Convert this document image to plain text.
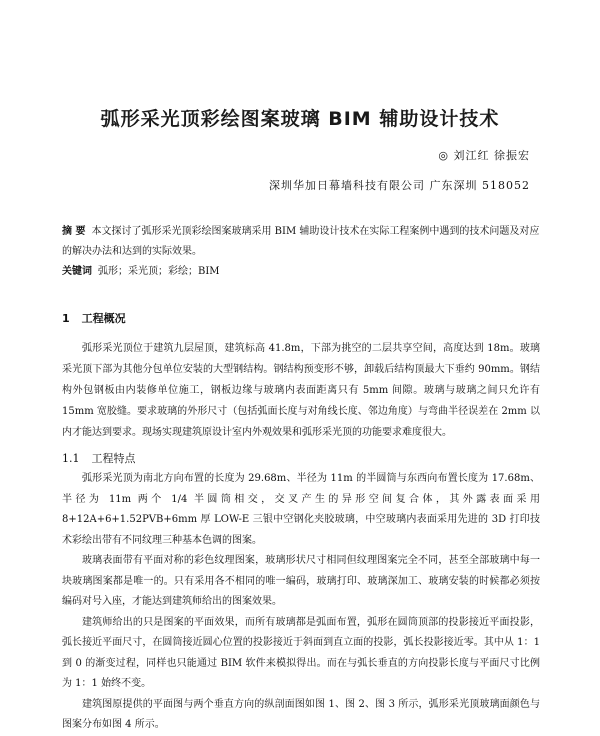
弧形采光顶彩绘图案玻璃 BIM 辅助设计技术
◎ 刘江红 徐振宏
深圳华加日幕墙科技有限公司 广东深圳 518052

摘 要 本文探讨了弧形采光顶彩绘图案玻璃采用 BIM 辅助设计技术在实际工程案例中遇到的技术问题及对应的解决办法和达到的实际效果。

关键词 弧形；采光顶；彩绘；BIM

1 工程概况

弧形采光顶位于建筑九层屋顶，建筑标高 41.8m，下部为挑空的二层共享空间，高度达到 18m。玻璃采光顶下部为其他分包单位安装的大型钢结构。钢结构预变形不够，卸载后结构顶最大下垂约 90mm。钢结构外包钢板由内装修单位施工，钢板边缘与玻璃内表面距离只有 5mm 间隙。玻璃与玻璃之间只允许有 15mm 宽胶缝。要求玻璃的外形尺寸（包括弧面长度与对角线长度、邻边角度）与弯曲半径误差在 2mm 以内才能达到要求。现场实现建筑原设计室内外观效果和弧形采光顶的功能要求难度很大。

1.1 工程特点

弧形采光顶为南北方向布置的长度为 29.68m、半径为 11m 的半圆筒与东西向布置长度为 17.68m、半径为 11m 两个 1/4 半圆筒相交，交叉产生的异形空间复合体，其外露表面采用 8+12A+6+1.52PVB+6mm 厚 LOW-E 三银中空钢化夹胶玻璃，中空玻璃内表面采用先进的 3D 打印技术彩绘出带有不同纹理三种基本色调的图案。

玻璃表面带有平面对称的彩色纹理图案，玻璃形状尺寸相同但纹理图案完全不同，甚至全部玻璃中每一块玻璃图案都是唯一的。只有采用各不相同的唯一编码，玻璃打印、玻璃深加工、玻璃安装的时候都必须按编码对号入座，才能达到建筑师给出的图案效果。

建筑师给出的只是图案的平面效果，而所有玻璃都是弧面布置，弧形在圆筒顶部的投影接近平面投影，弧长接近平面尺寸，在圆筒接近圆心位置的投影接近于斜面到直立面的投影，弧长投影接近零。其中从 1：1 到 0 的渐变过程，同样也只能通过 BIM 软件来模拟得出。而在与弧长垂直的方向投影长度与平面尺寸比例为 1：1 始终不变。

建筑图原提供的平面图与两个垂直方向的纵剖面图如图 1、图 2、图 3 所示，弧形采光顶玻璃面颜色与图案分布如图 4 所示。
